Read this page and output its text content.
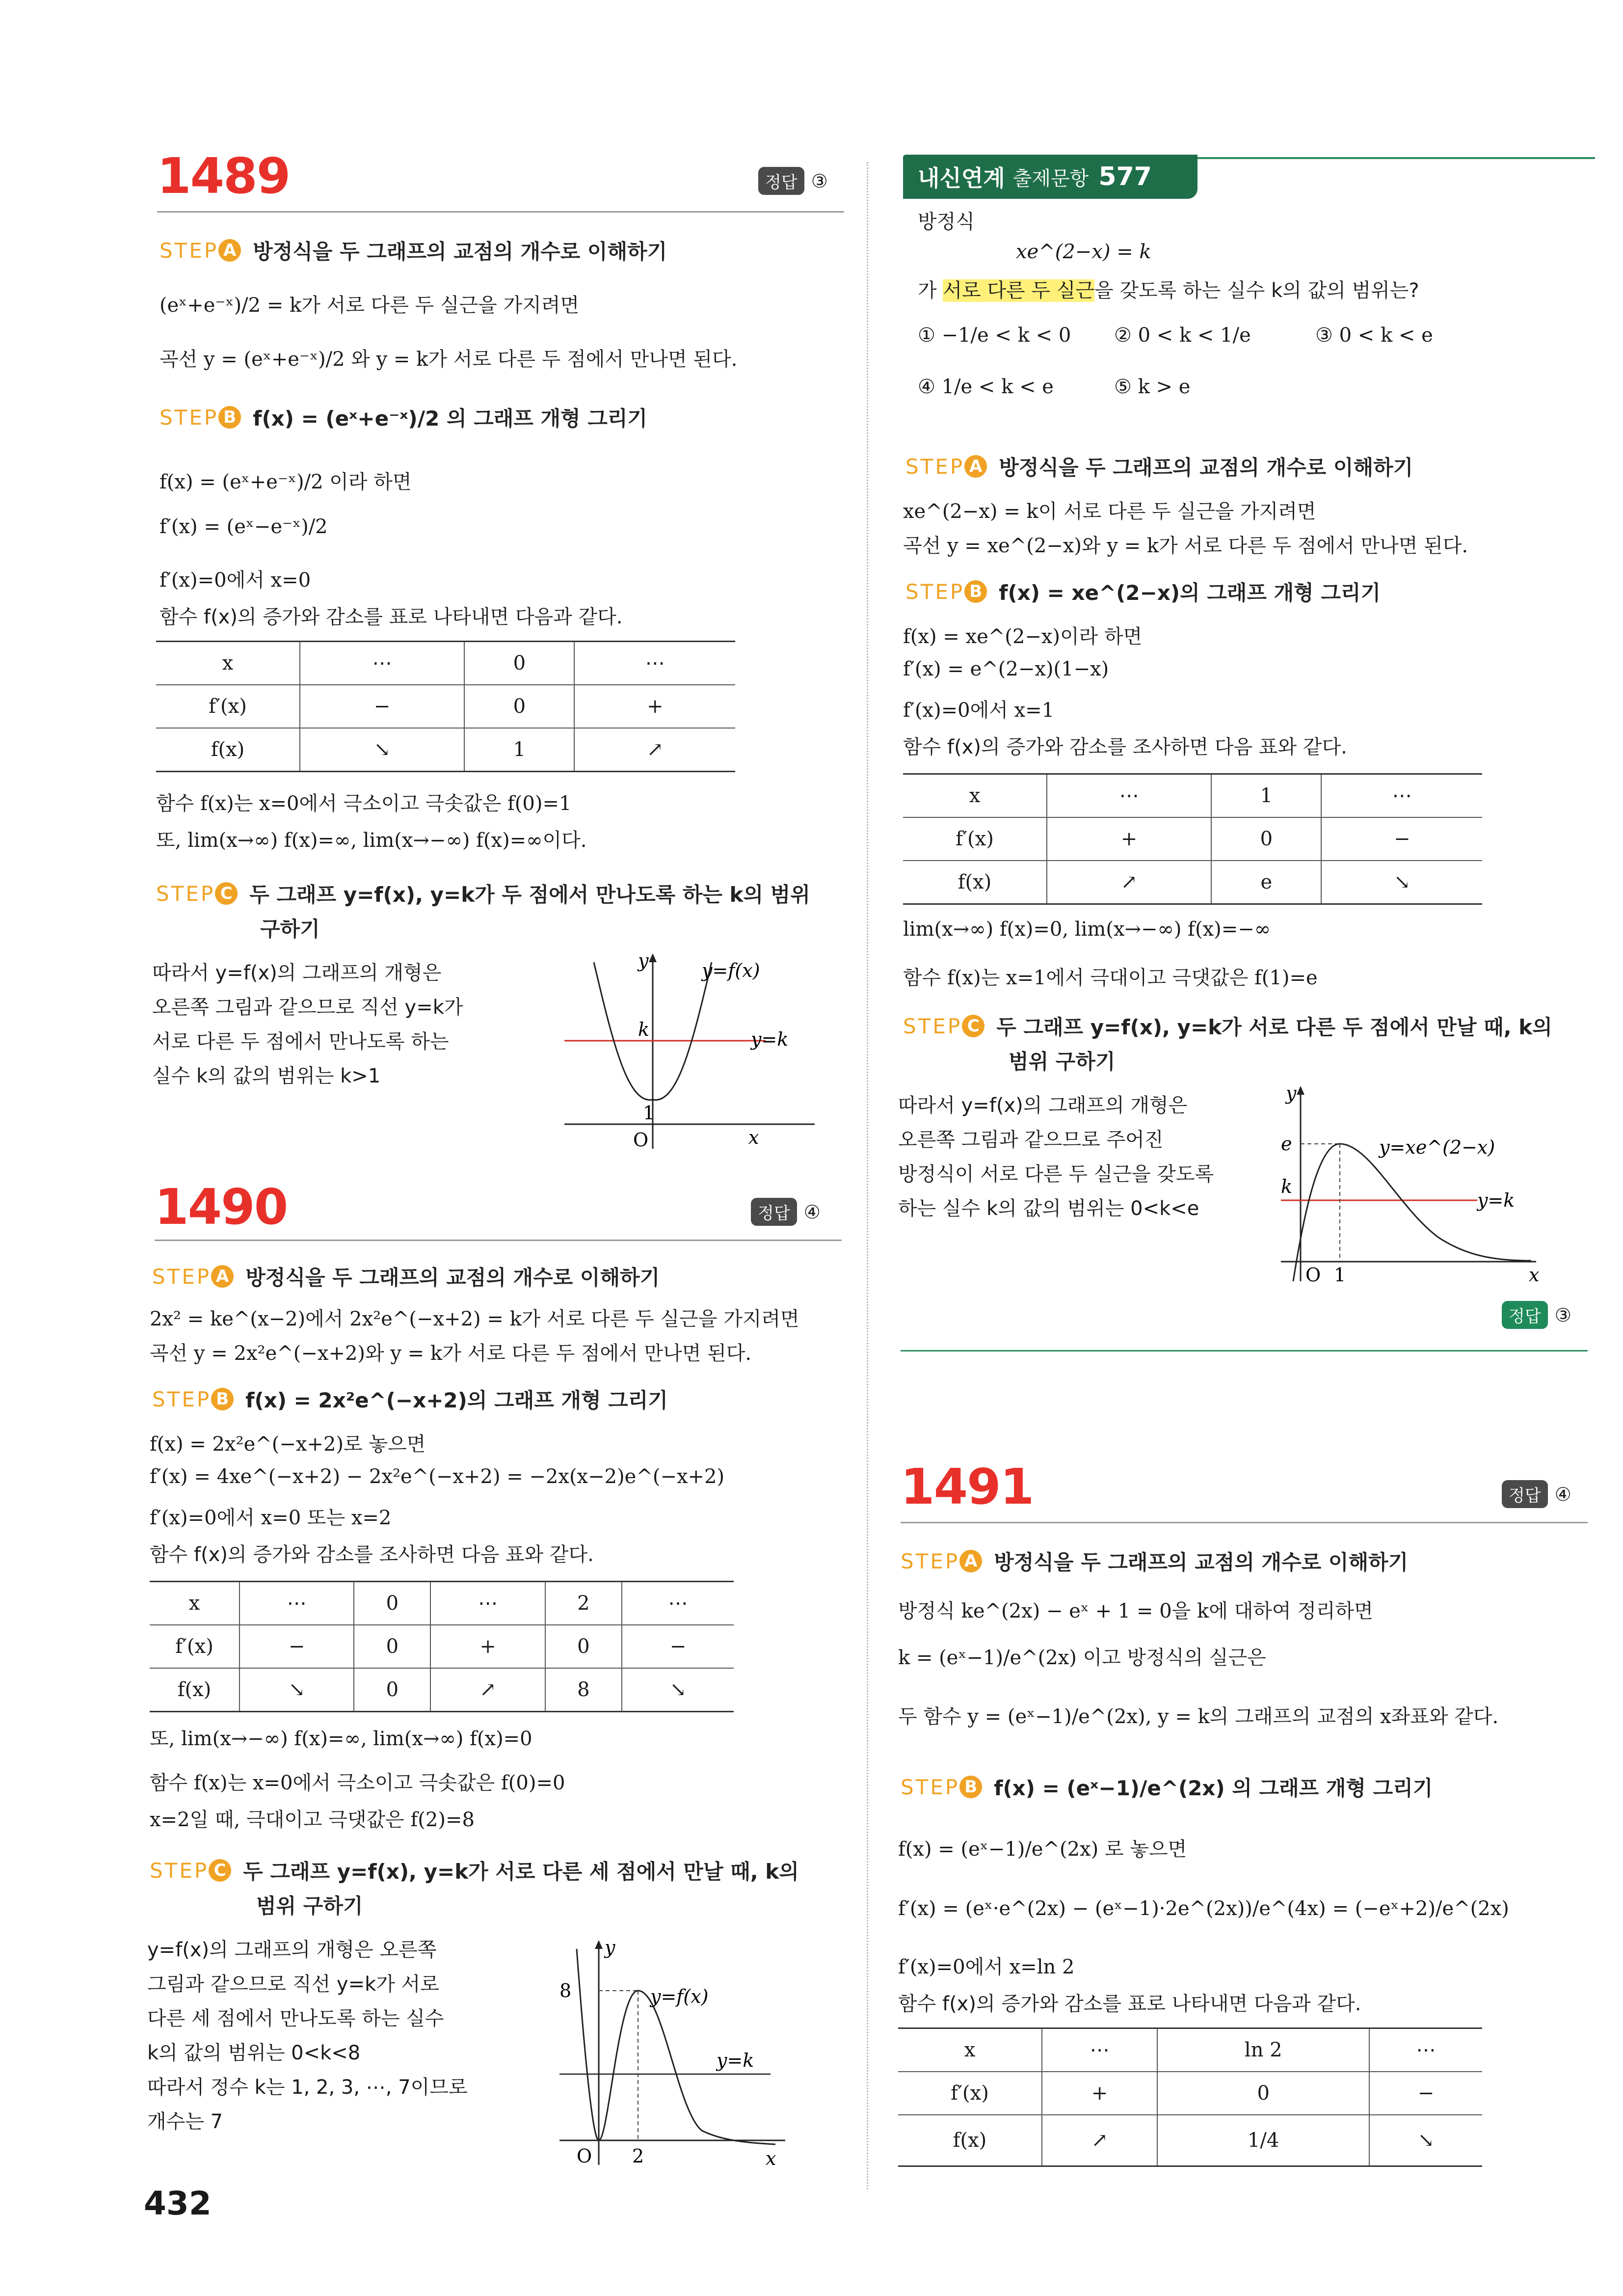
1489	정답 ③
STEP A 방정식을 두 그래프의 교점의 개수로 이해하기
(eˣ+e⁻ˣ)/2 = k가 서로 다른 두 실근을 가지려면
곡선 y = (eˣ+e⁻ˣ)/2 와 y = k가 서로 다른 두 점에서 만나면 된다.
STEP B f(x) = (eˣ+e⁻ˣ)/2 의 그래프 개형 그리기
f(x) = (eˣ+e⁻ˣ)/2 이라 하면
f′(x) = (eˣ−e⁻ˣ)/2
f′(x)=0에서 x=0
함수 f(x)의 증가와 감소를 표로 나타내면 다음과 같다.
x	⋯	0	⋯
f′(x)	−	0	+
f(x)	↘	1	↗
함수 f(x)는 x=0에서 극소이고 극솟값은 f(0)=1
또, lim(x→∞) f(x)=∞, lim(x→−∞) f(x)=∞이다.
STEP C 두 그래프 y=f(x), y=k가 두 점에서 만나도록 하는 k의 범위
구하기
따라서 y=f(x)의 그래프의 개형은
오른쪽 그림과 같으므로 직선 y=k가
서로 다른 두 점에서 만나도록 하는
실수 k의 값의 범위는 k>1
y
x
O
k
1
y=f(x)
y=k
1490	정답 ④
STEP A 방정식을 두 그래프의 교점의 개수로 이해하기
2x² = ke^(x−2)에서 2x²e^(−x+2) = k가 서로 다른 두 실근을 가지려면
곡선 y = 2x²e^(−x+2)와 y = k가 서로 다른 두 점에서 만나면 된다.
STEP B f(x) = 2x²e^(−x+2)의 그래프 개형 그리기
f(x) = 2x²e^(−x+2)로 놓으면
f′(x) = 4xe^(−x+2) − 2x²e^(−x+2) = −2x(x−2)e^(−x+2)
f′(x)=0에서 x=0 또는 x=2
함수 f(x)의 증가와 감소를 조사하면 다음 표와 같다.
x	⋯	0	⋯	2	⋯
f′(x)	−	0	+	0	−
f(x)	↘	0	↗	8	↘
또, lim(x→−∞) f(x)=∞, lim(x→∞) f(x)=0
함수 f(x)는 x=0에서 극소이고 극솟값은 f(0)=0
x=2일 때, 극대이고 극댓값은 f(2)=8
STEP C 두 그래프 y=f(x), y=k가 서로 다른 세 점에서 만날 때, k의
범위 구하기
y=f(x)의 그래프의 개형은 오른쪽
그림과 같으므로 직선 y=k가 서로
다른 세 점에서 만나도록 하는 실수
k의 값의 범위는 0<k<8
따라서 정수 k는 1, 2, 3, ⋯, 7이므로
개수는 7
y
x
O 2
8	y=f(x)
y=k
432
내신연계 출제문항 577
방정식
xe^(2−x) = k
가 서로 다른 두 실근을 갖도록 하는 실수 k의 값의 범위는?
① −1/e < k < 0 ② 0 < k < 1/e	③ 0 < k < e
④ 1/e < k < e	⑤ k > e
STEP A 방정식을 두 그래프의 교점의 개수로 이해하기
xe^(2−x) = k이 서로 다른 두 실근을 가지려면
곡선 y = xe^(2−x)와 y = k가 서로 다른 두 점에서 만나면 된다.
STEP B f(x) = xe^(2−x)의 그래프 개형 그리기
f(x) = xe^(2−x)이라 하면
f′(x) = e^(2−x)(1−x)
f′(x)=0에서 x=1
함수 f(x)의 증가와 감소를 조사하면 다음 표와 같다.
x	⋯	1	⋯
f′(x)	+	0	−
f(x)	↗	e	↘
lim(x→∞) f(x)=0, lim(x→−∞) f(x)=−∞
함수 f(x)는 x=1에서 극대이고 극댓값은 f(1)=e
STEP C 두 그래프 y=f(x), y=k가 서로 다른 두 점에서 만날 때, k의
범위 구하기
따라서 y=f(x)의 그래프의 개형은
오른쪽 그림과 같으므로 주어진
방정식이 서로 다른 두 실근을 갖도록
하는 실수 k의 값의 범위는 0<k<e
y
x
O 1
e
k
y=xe^(2−x)
y=k
정답 ③
1491	정답 ④
STEP A 방정식을 두 그래프의 교점의 개수로 이해하기
방정식 ke^(2x) − eˣ + 1 = 0을 k에 대하여 정리하면
k = (eˣ−1)/e^(2x) 이고 방정식의 실근은
두 함수 y = (eˣ−1)/e^(2x), y = k의 그래프의 교점의 x좌표와 같다.
STEP B f(x) = (eˣ−1)/e^(2x) 의 그래프 개형 그리기
f(x) = (eˣ−1)/e^(2x) 로 놓으면
f′(x) = (eˣ·e^(2x) − (eˣ−1)·2e^(2x))/e^(4x) = (−eˣ+2)/e^(2x)
f′(x)=0에서 x=ln 2
함수 f(x)의 증가와 감소를 표로 나타내면 다음과 같다.
x	⋯	ln 2	⋯
f′(x)	+	0	−
f(x)	↗	1/4	↘
